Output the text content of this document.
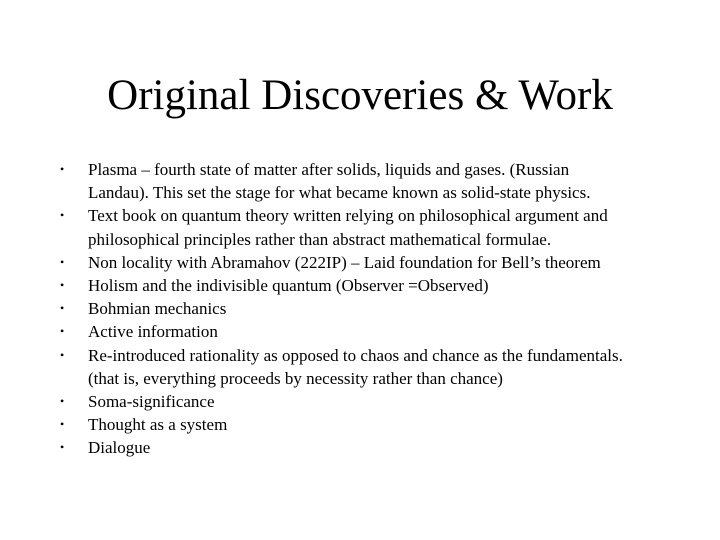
Original Discoveries & Work
•	Plasma – fourth state of matter after solids, liquids and gases. (Russian
Landau). This set the stage for what became known as solid-state physics.
•	Text book on quantum theory written relying on philosophical argument and
philosophical principles rather than abstract mathematical formulae.
•	Non locality with Abramahov (222IP) – Laid foundation for Bell’s theorem
•	Holism and the indivisible quantum (Observer =Observed)
•	Bohmian mechanics
•	Active information
•	Re-introduced rationality as opposed to chaos and chance as the fundamentals.
(that is, everything proceeds by necessity rather than chance)
•	Soma-significance
•	Thought as a system
•	Dialogue
